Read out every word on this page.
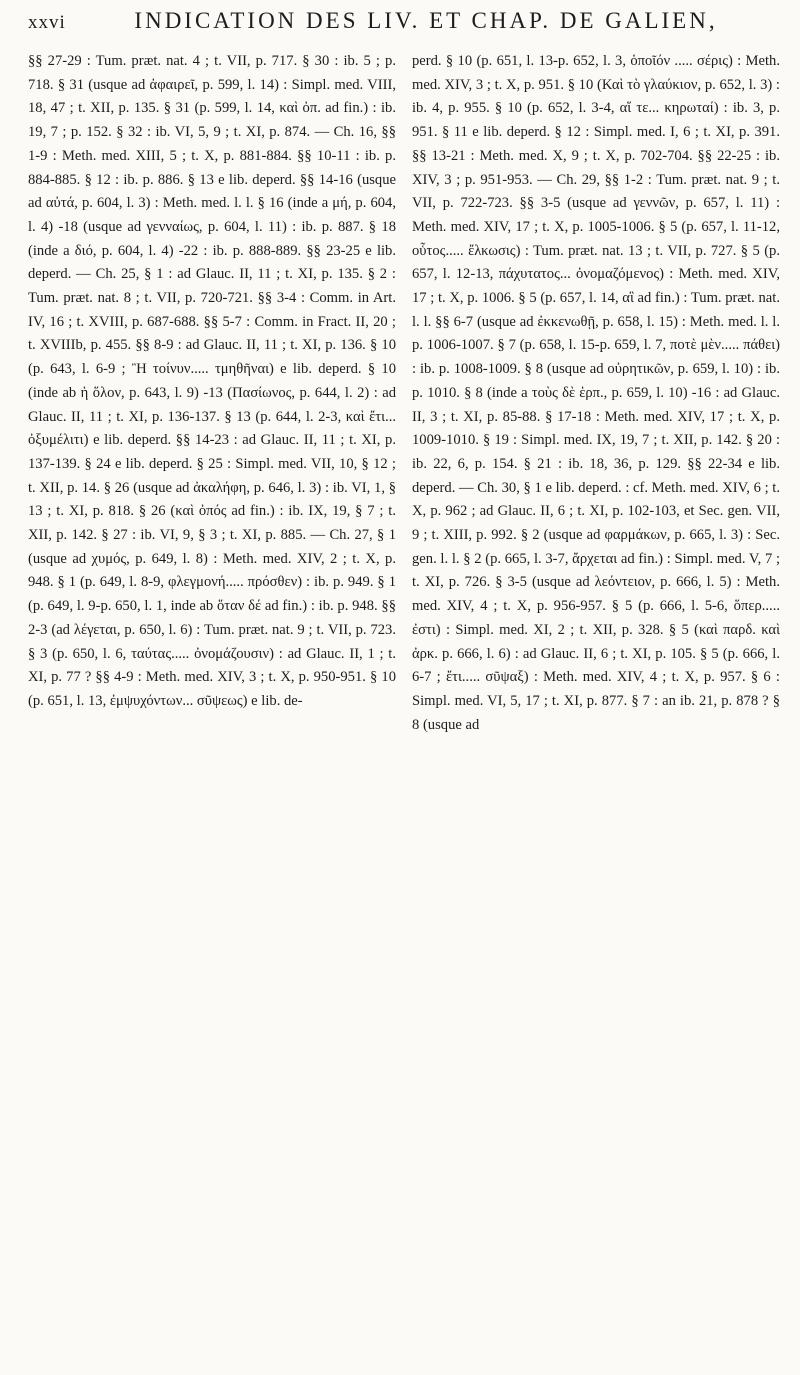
xxvi	INDICATION DES LIV. ET CHAP. DE GALIEN,

§§ 27-29 : Tum. præt. nat. 4 ; t. VII, p. 717. § 30 : ib. 5 ; p. 718. § 31 (usque ad ἀφαιρεῖ, p. 599, l. 14) : Simpl. med. VIII, 18, 47 ; t. XII, p. 135. § 31 (p. 599, l. 14, καὶ ὀπ. ad fin.) : ib. 19, 7 ; p. 152. § 32 : ib. VI, 5, 9 ; t. XI, p. 874. — Ch. 16, §§ 1-9 : Meth. med. XIII, 5 ; t. X, p. 881-884. §§ 10-11 : ib. p. 884-885. § 12 : ib. p. 886. § 13 e lib. deperd. §§ 14-16 (usque ad αὐτά, p. 604, l. 3) : Meth. med. l. l. § 16 (inde a μή, p. 604, l. 4) -18 (usque ad γενναίως, p. 604, l. 11) : ib. p. 887. § 18 (inde a διό, p. 604, l. 4) -22 : ib. p. 888-889. §§ 23-25 e lib. deperd. — Ch. 25, § 1 : ad Glauc. II, 11 ; t. XI, p. 135. § 2 : Tum. præt. nat. 8 ; t. VII, p. 720-721. §§ 3-4 : Comm. in Art. IV, 16 ; t. XVIII, p. 687-688. §§ 5-7 : Comm. in Fract. II, 20 ; t. XVIIIb, p. 455. §§ 8-9 : ad Glauc. II, 11 ; t. XI, p. 136. § 10 (p. 643, l. 6-9 ; Ἢ τοίνυν..... τμηθῆναι) e lib. deperd. § 10 (inde ab ἡ ὅλον, p. 643, l. 9) -13 (Πασίωνος, p. 644, l. 2) : ad Glauc. II, 11 ; t. XI, p. 136-137. § 13 (p. 644, l. 2-3, καὶ ἔτι... ὀξυμέλιτι) e lib. deperd. §§ 14-23 : ad Glauc. II, 11 ; t. XI, p. 137-139. § 24 e lib. deperd. § 25 : Simpl. med. VII, 10, § 12 ; t. XII, p. 14. § 26 (usque ad ἀκαλήφη, p. 646, l. 3) : ib. VI, 1, § 13 ; t. XI, p. 818. § 26 (καὶ ὀπός ad fin.) : ib. IX, 19, § 7 ; t. XII, p. 142. § 27 : ib. VI, 9, § 3 ; t. XI, p. 885. — Ch. 27, § 1 (usque ad χυμός, p. 649, l. 8) : Meth. med. XIV, 2 ; t. X, p. 948. § 1 (p. 649, l. 8-9, φλεγμονή..... πρόσθεν) : ib. p. 949. § 1 (p. 649, l. 9-p. 650, l. 1, inde ab ὅταν δέ ad fin.) : ib. p. 948. §§ 2-3 (ad λέγεται, p. 650, l. 6) : Tum. præt. nat. 9 ; t. VII, p. 723. § 3 (p. 650, l. 6, ταύτας..... ὀνομάζουσιν) : ad Glauc. II, 1 ; t. XI, p. 77 ? §§ 4-9 : Meth. med. XIV, 3 ; t. X, p. 950-951. § 10 (p. 651, l. 13, ἐμψυχόντων... σῦψεως) e lib. de-

perd. § 10 (p. 651, l. 13-p. 652, l. 3, ὁποῖόν ..... σέρις) : Meth. med. XIV, 3 ; t. X, p. 951. § 10 (Καὶ τὸ γλαύκιον, p. 652, l. 3) : ib. 4, p. 955. § 10 (p. 652, l. 3-4, αἵ τε... κηρωταί) : ib. 3, p. 951. § 11 e lib. deperd. § 12 : Simpl. med. I, 6 ; t. XI, p. 391. §§ 13-21 : Meth. med. X, 9 ; t. X, p. 702-704. §§ 22-25 : ib. XIV, 3 ; p. 951-953. — Ch. 29, §§ 1-2 : Tum. præt. nat. 9 ; t. VII, p. 722-723. §§ 3-5 (usque ad γεννῶν, p. 657, l. 11) : Meth. med. XIV, 17 ; t. X, p. 1005-1006. § 5 (p. 657, l. 11-12, οὗτος..... ἔλκωσις) : Tum. præt. nat. 13 ; t. VII, p. 727. § 5 (p. 657, l. 12-13, πάχυτατος... ὀνομαζόμενος) : Meth. med. XIV, 17 ; t. X, p. 1006. § 5 (p. 657, l. 14, αἳ ad fin.) : Tum. præt. nat. l. l. §§ 6-7 (usque ad ἐκκενωθῇ, p. 658, l. 15) : Meth. med. l. l. p. 1006-1007. § 7 (p. 658, l. 15-p. 659, l. 7, πoτὲ μὲν..... πάθει) : ib. p. 1008-1009. § 8 (usque ad οὐρητικῶν, p. 659, l. 10) : ib. p. 1010. § 8 (inde a τοὺς δὲ ἑρπ., p. 659, l. 10) -16 : ad Glauc. II, 3 ; t. XI, p. 85-88. § 17-18 : Meth. med. XIV, 17 ; t. X, p. 1009-1010. § 19 : Simpl. med. IX, 19, 7 ; t. XII, p. 142. § 20 : ib. 22, 6, p. 154. § 21 : ib. 18, 36, p. 129. §§ 22-34 e lib. deperd. — Ch. 30, § 1 e lib. deperd. : cf. Meth. med. XIV, 6 ; t. X, p. 962 ; ad Glauc. II, 6 ; t. XI, p. 102-103, et Sec. gen. VII, 9 ; t. XIII, p. 992. § 2 (usque ad φαρμάκων, p. 665, l. 3) : Sec. gen. l. l. § 2 (p. 665, l. 3-7, ἄρχεται ad fin.) : Simpl. med. V, 7 ; t. XI, p. 726. § 3-5 (usque ad λεόντειον, p. 666, l. 5) : Meth. med. XIV, 4 ; t. X, p. 956-957. § 5 (p. 666, l. 5-6, ὅπερ..... ἐστι) : Simpl. med. XI, 2 ; t. XII, p. 328. § 5 (καὶ παρδ. καὶ ἀρκ. p. 666, l. 6) : ad Glauc. II, 6 ; t. XI, p. 105. § 5 (p. 666, l. 6-7 ; ἔτι..... σῦψαξ) : Meth. med. XIV, 4 ; t. X, p. 957. § 6 : Simpl. med. VI, 5, 17 ; t. XI, p. 877. § 7 : an ib. 21, p. 878 ? § 8 (usque ad
